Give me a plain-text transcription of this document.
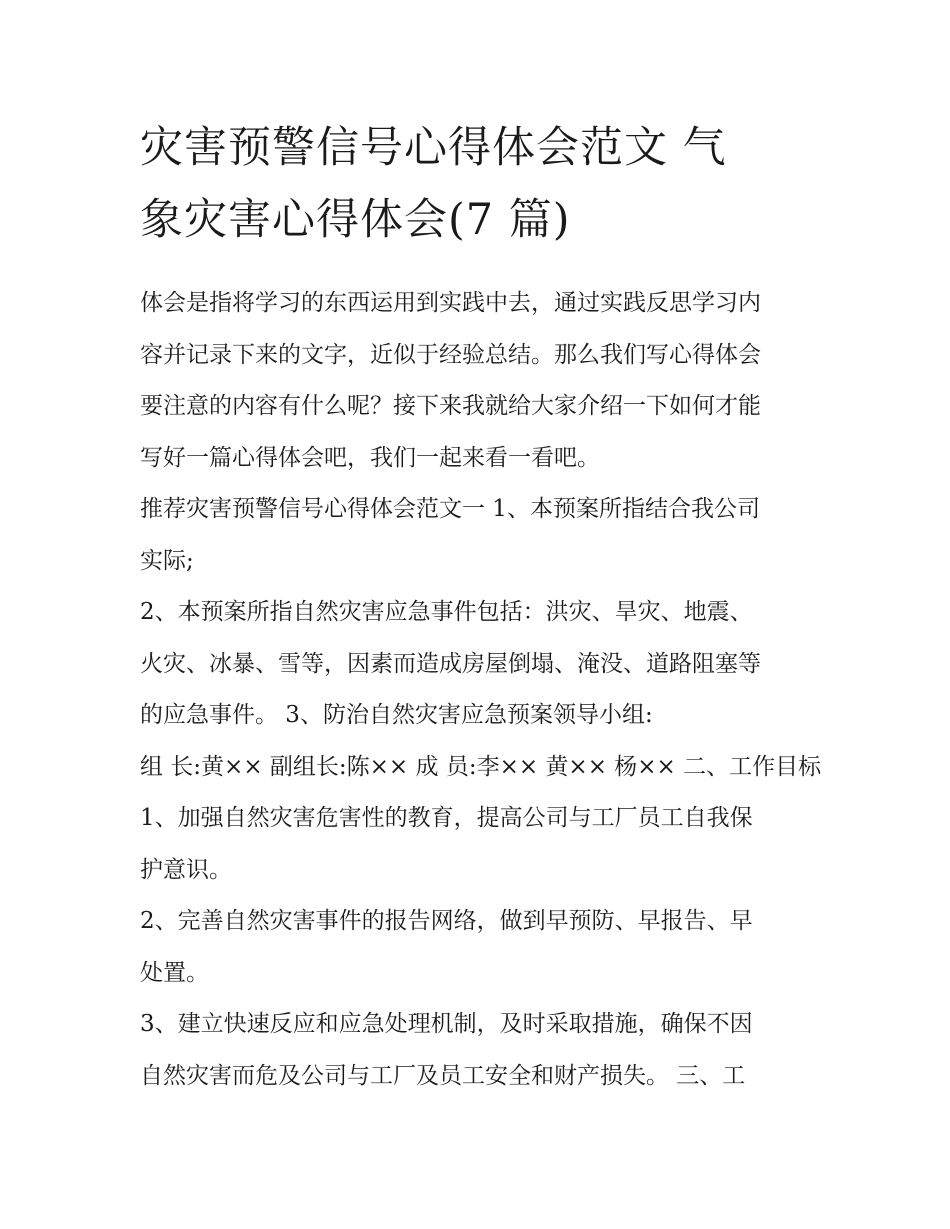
灾害预警信号心得体会范文 气
象灾害心得体会(7 篇)

体会是指将学习的东西运用到实践中去，通过实践反思学习内
容并记录下来的文字，近似于经验总结。那么我们写心得体会
要注意的内容有什么呢？接下来我就给大家介绍一下如何才能
写好一篇心得体会吧，我们一起来看一看吧。

推荐灾害预警信号心得体会范文一 1、本预案所指结合我公司
实际;

2、本预案所指自然灾害应急事件包括：洪灾、旱灾、地震、
火灾、冰暴、雪等，因素而造成房屋倒塌、淹没、道路阻塞等
的应急事件。 3、防治自然灾害应急预案领导小组:

组 长:黄×× 副组长:陈×× 成 员:李×× 黄×× 杨×× 二、工作目标

1、加强自然灾害危害性的教育，提高公司与工厂员工自我保
护意识。

2、完善自然灾害事件的报告网络，做到早预防、早报告、早
处置。

3、建立快速反应和应急处理机制，及时采取措施，确保不因
自然灾害而危及公司与工厂及员工安全和财产损失。 三、工
